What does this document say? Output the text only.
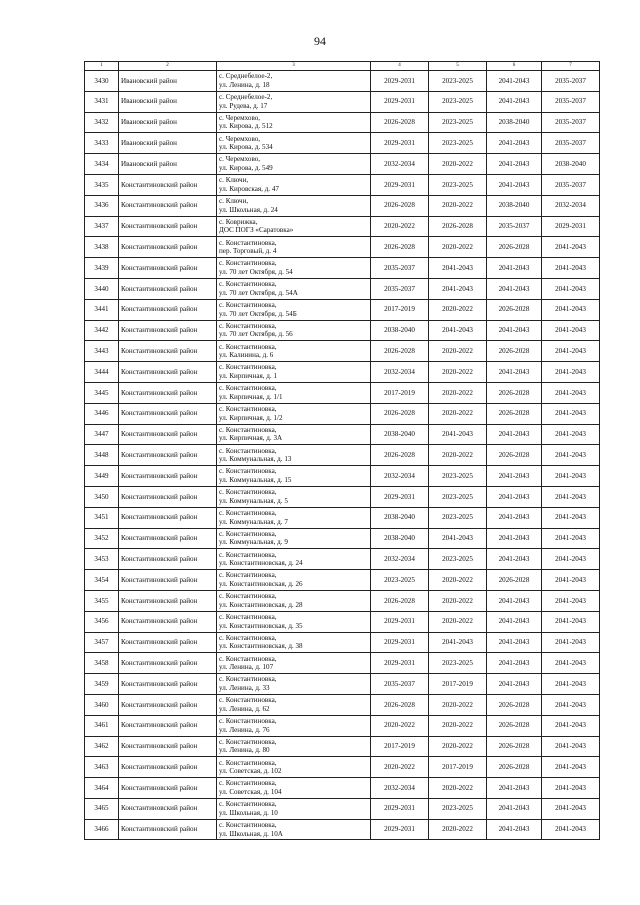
94
1	2	3	4	5	6	7
3430	Ивановский район	с. Среднебелое-2,
ул. Ленина, д. 18	2029-2031	2023-2025	2041-2043	2035-2037
3431	Ивановский район	с. Среднебелое-2,
ул. Рудева, д. 17	2029-2031	2023-2025	2041-2043	2035-2037
3432	Ивановский район	с. Черемхово,
ул. Кирова, д. 512	2026-2028	2023-2025	2038-2040	2035-2037
3433	Ивановский район	с. Черемхово,
ул. Кирова, д. 534	2029-2031	2023-2025	2041-2043	2035-2037
3434	Ивановский район	с. Черемхово,
ул. Кирова, д. 549	2032-2034	2020-2022	2041-2043	2038-2040
3435	Константиновский район	с. Ключи,
ул. Кировская, д. 47	2029-2031	2023-2025	2041-2043	2035-2037
3436	Константиновский район	с. Ключи,
ул. Школьная, д. 24	2026-2028	2020-2022	2038-2040	2032-2034
3437	Константиновский район	с. Коврижка,
ДОС ПОГЗ «Саратовка»	2020-2022	2026-2028	2035-2037	2029-2031
3438	Константиновский район	с. Константиновка,
пер. Торговый, д. 4	2026-2028	2020-2022	2026-2028	2041-2043
3439	Константиновский район	с. Константиновка,
ул. 70 лет Октября, д. 54	2035-2037	2041-2043	2041-2043	2041-2043
3440	Константиновский район	с. Константиновка,
ул. 70 лет Октября, д. 54А	2035-2037	2041-2043	2041-2043	2041-2043
3441	Константиновский район	с. Константиновка,
ул. 70 лет Октября, д. 54Б	2017-2019	2020-2022	2026-2028	2041-2043
3442	Константиновский район	с. Константиновка,
ул. 70 лет Октября, д. 56	2038-2040	2041-2043	2041-2043	2041-2043
3443	Константиновский район	с. Константиновка,
ул. Калинина, д. 6	2026-2028	2020-2022	2026-2028	2041-2043
3444	Константиновский район	с. Константиновка,
ул. Кирпичная, д. 1	2032-2034	2020-2022	2041-2043	2041-2043
3445	Константиновский район	с. Константиновка,
ул. Кирпичная, д. 1/1	2017-2019	2020-2022	2026-2028	2041-2043
3446	Константиновский район	с. Константиновка,
ул. Кирпичная, д. 1/2	2026-2028	2020-2022	2026-2028	2041-2043
3447	Константиновский район	с. Константиновка,
ул. Кирпичная, д. 3А	2038-2040	2041-2043	2041-2043	2041-2043
3448	Константиновский район	с. Константиновка,
ул. Коммунальная, д. 13	2026-2028	2020-2022	2026-2028	2041-2043
3449	Константиновский район	с. Константиновка,
ул. Коммунальная, д. 15	2032-2034	2023-2025	2041-2043	2041-2043
3450	Константиновский район	с. Константиновка,
ул. Коммунальная, д. 5	2029-2031	2023-2025	2041-2043	2041-2043
3451	Константиновский район	с. Константиновка,
ул. Коммунальная, д. 7	2038-2040	2023-2025	2041-2043	2041-2043
3452	Константиновский район	с. Константиновка,
ул. Коммунальная, д. 9	2038-2040	2041-2043	2041-2043	2041-2043
3453	Константиновский район	с. Константиновка,
ул. Константиновская, д. 24	2032-2034	2023-2025	2041-2043	2041-2043
3454	Константиновский район	с. Константиновка,
ул. Константиновская, д. 26	2023-2025	2020-2022	2026-2028	2041-2043
3455	Константиновский район	с. Константиновка,
ул. Константиновская, д. 28	2026-2028	2020-2022	2041-2043	2041-2043
3456	Константиновский район	с. Константиновка,
ул. Константиновская, д. 35	2029-2031	2020-2022	2041-2043	2041-2043
3457	Константиновский район	с. Константиновка,
ул. Константиновская, д. 38	2029-2031	2041-2043	2041-2043	2041-2043
3458	Константиновский район	с. Константиновка,
ул. Ленина, д. 107	2029-2031	2023-2025	2041-2043	2041-2043
3459	Константиновский район	с. Константиновка,
ул. Ленина, д. 33	2035-2037	2017-2019	2041-2043	2041-2043
3460	Константиновский район	с. Константиновка,
ул. Ленина, д. 62	2026-2028	2020-2022	2026-2028	2041-2043
3461	Константиновский район	с. Константиновка,
ул. Ленина, д. 76	2020-2022	2020-2022	2026-2028	2041-2043
3462	Константиновский район	с. Константиновка,
ул. Ленина, д. 80	2017-2019	2020-2022	2026-2028	2041-2043
3463	Константиновский район	с. Константиновка,
ул. Советская, д. 102	2020-2022	2017-2019	2026-2028	2041-2043
3464	Константиновский район	с. Константиновка,
ул. Советская, д. 104	2032-2034	2020-2022	2041-2043	2041-2043
3465	Константиновский район	с. Константиновка,
ул. Школьная, д. 10	2029-2031	2023-2025	2041-2043	2041-2043
3466	Константиновский район	с. Константиновка,
ул. Школьная, д. 10А	2029-2031	2020-2022	2041-2043	2041-2043
